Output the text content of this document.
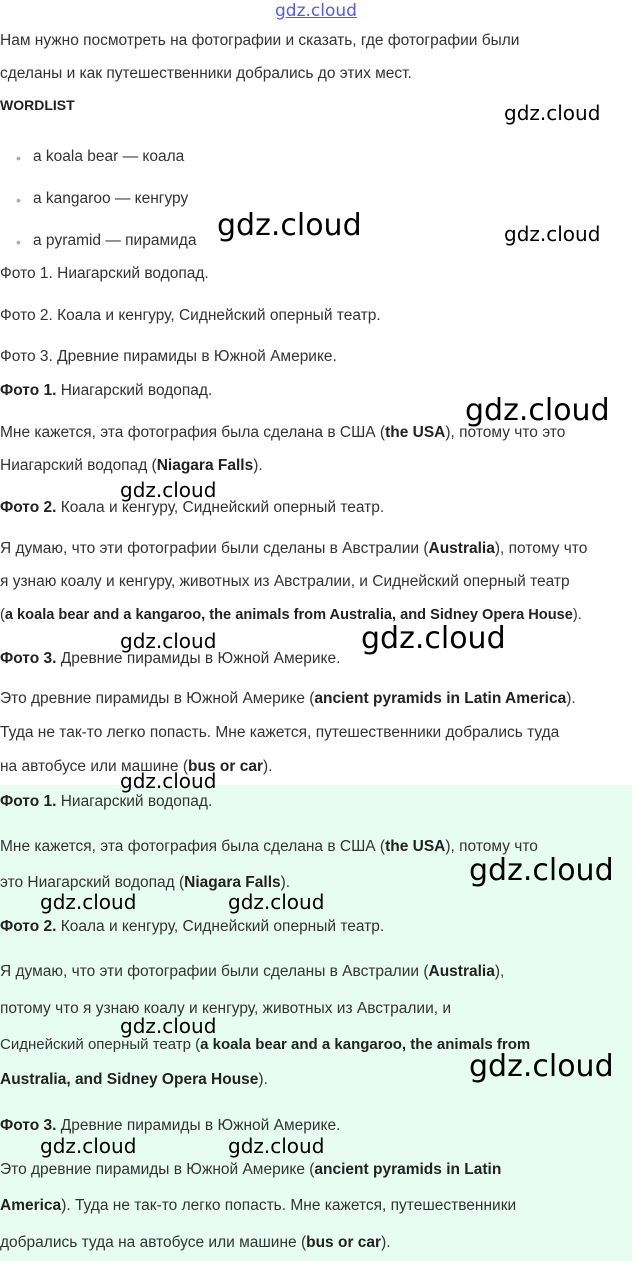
gdz.cloud
Нам нужно посмотреть на фотографии и сказать, где фотографии были
сделаны и как путешественники добрались до этих мест.
WORDLIST
• a koala bear — коала
• a kangaroo — кенгуру
• a pyramid — пирамида
Фото 1. Ниагарский водопад.
Фото 2. Коала и кенгуру, Сиднейский оперный театр.
Фото 3. Древние пирамиды в Южной Америке.
Фото 1. Ниагарский водопад.
Мне кажется, эта фотография была сделана в США (the USA), потому что это
Ниагарский водопад (Niagara Falls).
Фото 2. Коала и кенгуру, Сиднейский оперный театр.
Я думаю, что эти фотографии были сделаны в Австралии (Australia), потому что
я узнаю коалу и кенгуру, животных из Австралии, и Сиднейский оперный театр
(a koala bear and a kangaroo, the animals from Australia, and Sidney Opera House).
Фото 3. Древние пирамиды в Южной Америке.
Это древние пирамиды в Южной Америке (ancient pyramids in Latin America).
Туда не так-то легко попасть. Мне кажется, путешественники добрались туда
на автобусе или машине (bus or car).
Фото 1. Ниагарский водопад.
Мне кажется, эта фотография была сделана в США (the USA), потому что
это Ниагарский водопад (Niagara Falls).
Фото 2. Коала и кенгуру, Сиднейский оперный театр.
Я думаю, что эти фотографии были сделаны в Австралии (Australia),
потому что я узнаю коалу и кенгуру, животных из Австралии, и
Сиднейский оперный театр (a koala bear and a kangaroo, the animals from
Australia, and Sidney Opera House).
Фото 3. Древние пирамиды в Южной Америке.
Это древние пирамиды в Южной Америке (ancient pyramids in Latin
America). Туда не так-то легко попасть. Мне кажется, путешественники
добрались туда на автобусе или машине (bus or car).
gdz.cloud
gdz.cloud	gdz.cloud
gdz.cloud
gdz.cloud
gdz.cloud	gdz.cloud
gdz.cloud
gdz.cloud
gdz.cloud	gdz.cloud
gdz.cloud
gdz.cloud
gdz.cloud	gdz.cloud
